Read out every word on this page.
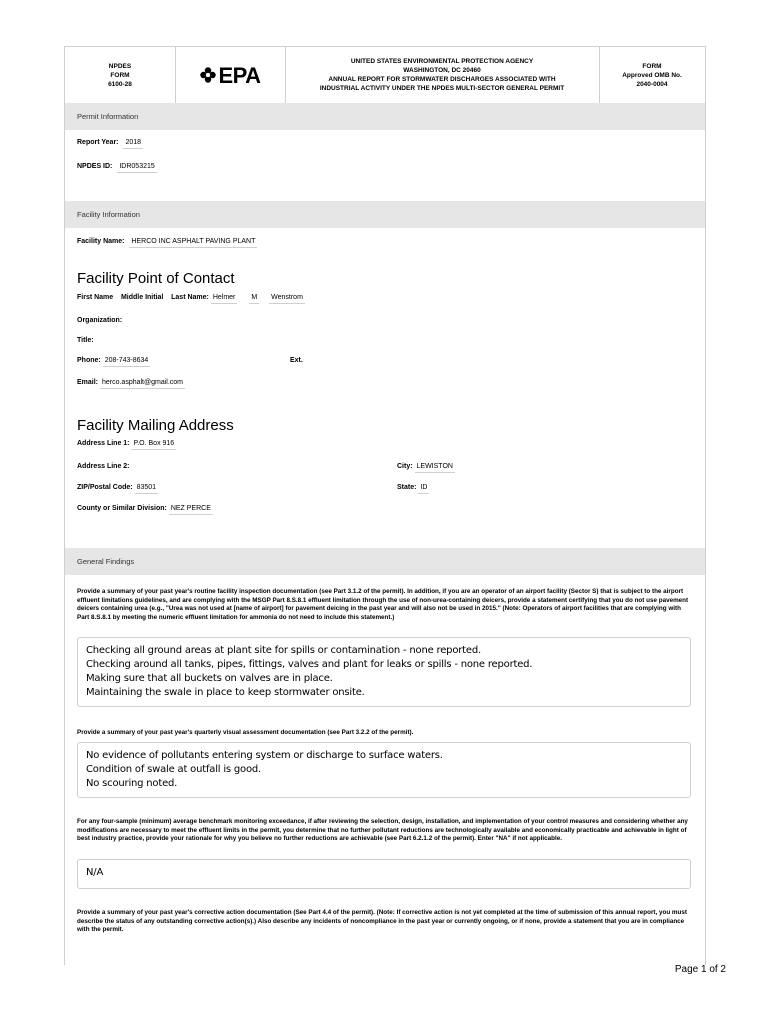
NPDES
FORM
6100-28	EPA
UNITED STATES ENVIRONMENTAL PROTECTION AGENCY
WASHINGTON, DC 20460
ANNUAL REPORT FOR STORMWATER DISCHARGES ASSOCIATED WITH
INDUSTRIAL ACTIVITY UNDER THE NPDES MULTI-SECTOR GENERAL PERMIT
FORM
Approved OMB No.
2040-0004
Permit Information
Report Year: 2018
NPDES ID: IDR053215
Facility Information
Facility Name: HERCO INC ASPHALT PAVING PLANT
Facility Point of Contact
First Name Middle Initial Last Name: Helmer M Wenstrom
Organization:
Title:
Phone: 208-743-8634	Ext.
Email: herco.asphalt@gmail.com
Facility Mailing Address
Address Line 1: P.O. Box 916
Address Line 2:	City: LEWISTON
ZIP/Postal Code: 83501	State: ID
County or Similar Division: NEZ PERCE
General Findings
Provide a summary of your past year's routine facility inspection documentation (see Part 3.1.2 of the permit). In addition, if you are an operator of an airport facility (Sector S) that is subject to the airport effluent limitations guidelines, and are complying with the MSGP Part 8.S.8.1 effluent limitation through the use of non-urea-containing deicers, provide a statement certifying that you do not use pavement deicers containing urea (e.g., "Urea was not used at [name of airport] for pavement deicing in the past year and will also not be used in 2015." (Note: Operators of airport facilities that are complying with Part 8.S.8.1 by meeting the numeric effluent limitation for ammonia do not need to include this statement.)
Checking all ground areas at plant site for spills or contamination - none reported.
Checking around all tanks, pipes, fittings, valves and plant for leaks or spills - none reported.
Making sure that all buckets on valves are in place.
Maintaining the swale in place to keep stormwater onsite.
Provide a summary of your past year's quarterly visual assessment documentation (see Part 3.2.2 of the permit).
No evidence of pollutants entering system or discharge to surface waters.
Condition of swale at outfall is good.
No scouring noted.
For any four-sample (minimum) average benchmark monitoring exceedance, if after reviewing the selection, design, installation, and implementation of your control measures and considering whether any modifications are necessary to meet the effluent limits in the permit, you determine that no further pollutant reductions are technologically available and economically practicable and achievable in light of best industry practice, provide your rationale for why you believe no further reductions are achievable (see Part 6.2.1.2 of the permit). Enter "NA" if not applicable.
N/A
Provide a summary of your past year's corrective action documentation (See Part 4.4 of the permit). (Note: If corrective action is not yet completed at the time of submission of this annual report, you must describe the status of any outstanding corrective action(s).) Also describe any incidents of noncompliance in the past year or currently ongoing, or if none, provide a statement that you are in compliance with the permit.
Page 1 of 2
